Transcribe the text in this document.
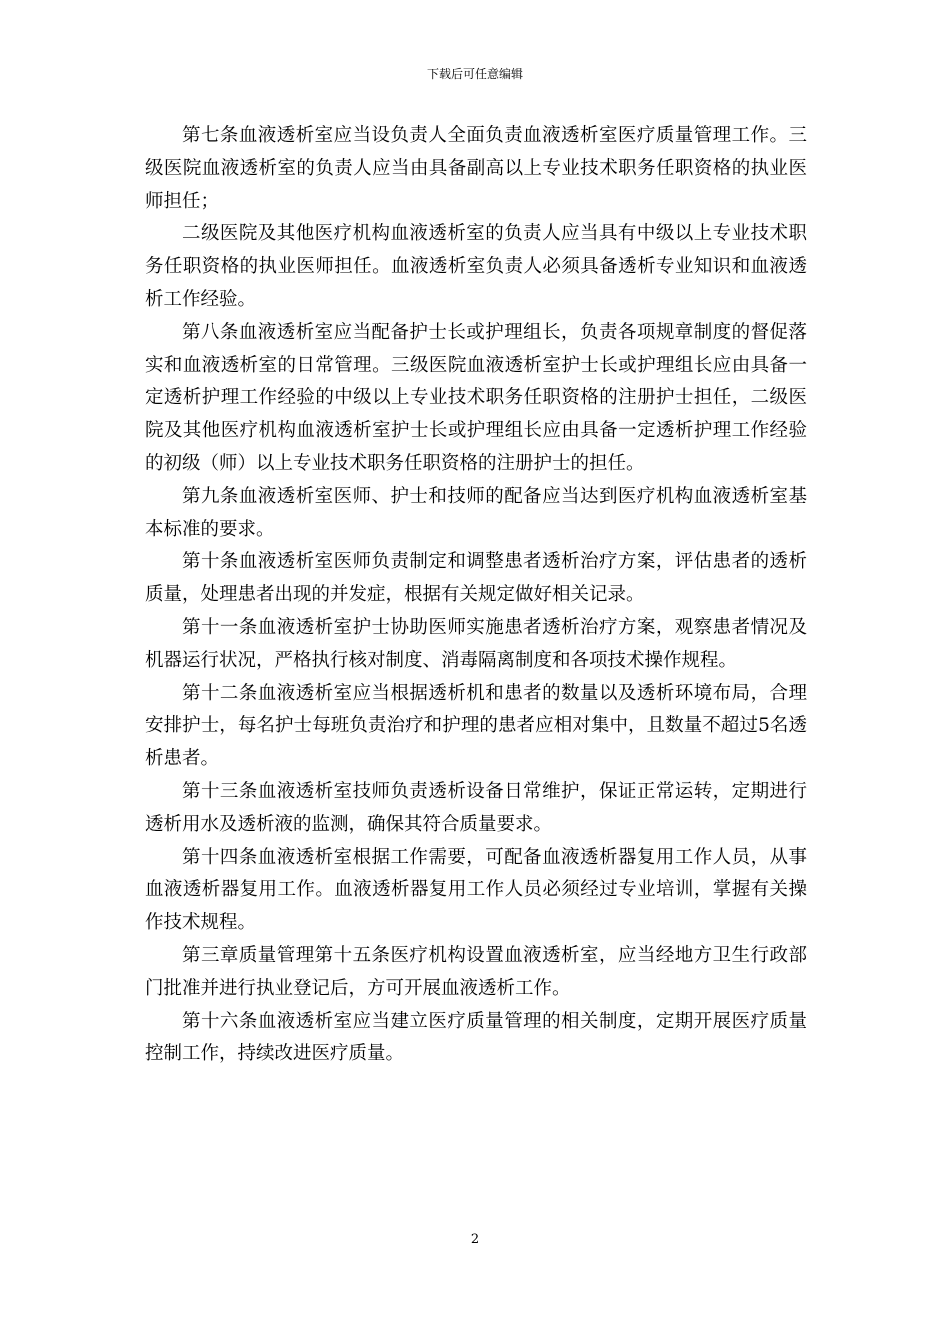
下载后可任意编辑

第七条血液透析室应当设负责人全面负责血液透析室医疗质量管理工作。三级医院血液透析室的负责人应当由具备副高以上专业技术职务任职资格的执业医师担任；

二级医院及其他医疗机构血液透析室的负责人应当具有中级以上专业技术职务任职资格的执业医师担任。血液透析室负责人必须具备透析专业知识和血液透析工作经验。

第八条血液透析室应当配备护士长或护理组长，负责各项规章制度的督促落实和血液透析室的日常管理。三级医院血液透析室护士长或护理组长应由具备一定透析护理工作经验的中级以上专业技术职务任职资格的注册护士担任，二级医院及其他医疗机构血液透析室护士长或护理组长应由具备一定透析护理工作经验的初级（师）以上专业技术职务任职资格的注册护士的担任。

第九条血液透析室医师、护士和技师的配备应当达到医疗机构血液透析室基本标准的要求。

第十条血液透析室医师负责制定和调整患者透析治疗方案，评估患者的透析质量，处理患者出现的并发症，根据有关规定做好相关记录。

第十一条血液透析室护士协助医师实施患者透析治疗方案，观察患者情况及机器运行状况，严格执行核对制度、消毒隔离制度和各项技术操作规程。

第十二条血液透析室应当根据透析机和患者的数量以及透析环境布局，合理安排护士，每名护士每班负责治疗和护理的患者应相对集中，且数量不超过5名透析患者。

第十三条血液透析室技师负责透析设备日常维护，保证正常运转，定期进行透析用水及透析液的监测，确保其符合质量要求。

第十四条血液透析室根据工作需要，可配备血液透析器复用工作人员，从事血液透析器复用工作。血液透析器复用工作人员必须经过专业培训，掌握有关操作技术规程。

第三章质量管理第十五条医疗机构设置血液透析室，应当经地方卫生行政部门批准并进行执业登记后，方可开展血液透析工作。

第十六条血液透析室应当建立医疗质量管理的相关制度，定期开展医疗质量控制工作，持续改进医疗质量。

2
